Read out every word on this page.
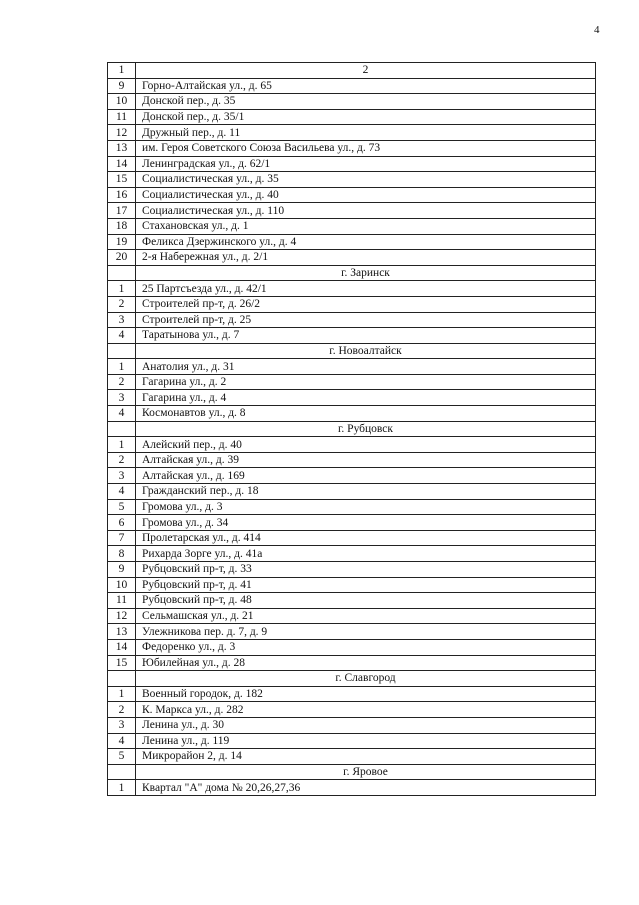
4
1	2
9	Горно-Алтайская ул., д. 65
10	Донской пер., д. 35
11	Донской пер., д. 35/1
12	Дружный пер., д. 11
13	им. Героя Советского Союза Васильева ул., д. 73
14	Ленинградская ул., д. 62/1
15	Социалистическая ул., д. 35
16	Социалистическая ул., д. 40
17	Социалистическая ул., д. 110
18	Стахановская ул., д. 1
19	Феликса Дзержинского ул., д. 4
20	2-я Набережная ул., д. 2/1
	г. Заринск
1	25 Партсъезда ул., д. 42/1
2	Строителей пр-т, д. 26/2
3	Строителей пр-т, д. 25
4	Таратынова ул., д. 7
	г. Новоалтайск
1	Анатолия ул., д. 31
2	Гагарина ул., д. 2
3	Гагарина ул., д. 4
4	Космонавтов ул., д. 8
	г. Рубцовск
1	Алейский пер., д. 40
2	Алтайская ул., д. 39
3	Алтайская ул., д. 169
4	Гражданский пер., д. 18
5	Громова ул., д. 3
6	Громова ул., д. 34
7	Пролетарская ул., д. 414
8	Рихарда Зорге ул., д. 41а
9	Рубцовский пр-т, д. 33
10	Рубцовский пр-т, д. 41
11	Рубцовский пр-т, д. 48
12	Сельмашская ул., д. 21
13	Улежникова пер. д. 7, д. 9
14	Федоренко ул., д. 3
15	Юбилейная ул., д. 28
	г. Славгород
1	Военный городок, д. 182
2	К. Маркса ул., д. 282
3	Ленина ул., д. 30
4	Ленина ул., д. 119
5	Микрорайон 2, д. 14
	г. Яровое
1	Квартал "А" дома № 20,26,27,36
